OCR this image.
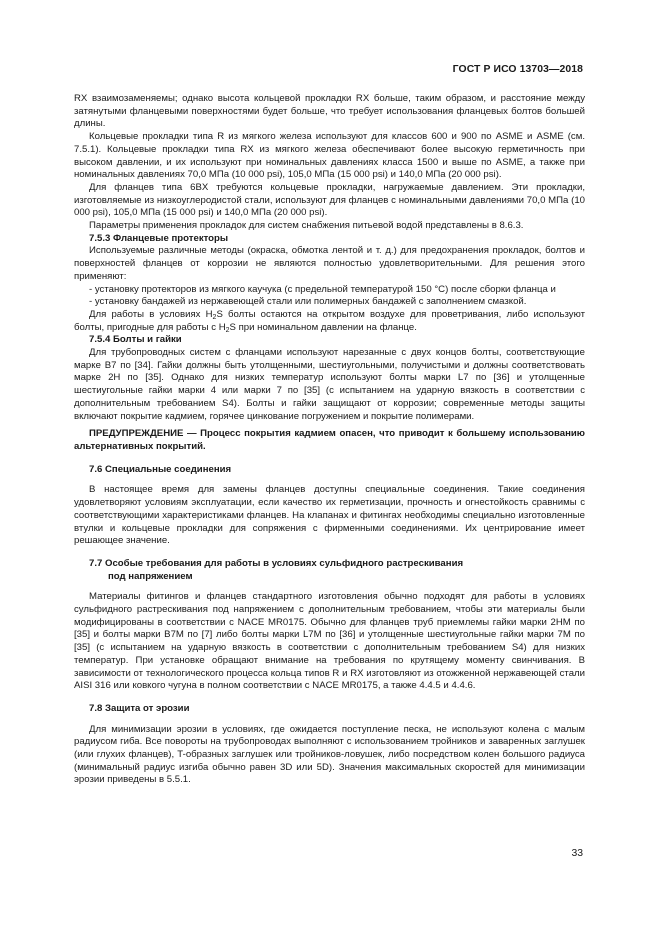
ГОСТ Р ИСО 13703—2018

RX взаимозаменяемы; однако высота кольцевой прокладки RX больше, таким образом, и расстояние между затянутыми фланцевыми поверхностями будет больше, что требует использования фланцевых болтов большей длины.

Кольцевые прокладки типа R из мягкого железа используют для классов 600 и 900 по ASME и ASME (см. 7.5.1). Кольцевые прокладки типа RX из мягкого железа обеспечивают более высокую герметичность при высоком давлении, и их используют при номинальных давлениях класса 1500 и выше по ASME, а также при номинальных давлениях 70,0 МПа (10 000 psi), 105,0 МПа (15 000 psi) и 140,0 МПа (20 000 psi).

Для фланцев типа 6BX требуются кольцевые прокладки, нагружаемые давлением. Эти прокладки, изготовляемые из низкоуглеродистой стали, используют для фланцев с номинальными давлениями 70,0 МПа (10 000 psi), 105,0 МПа (15 000 psi) и 140,0 МПа (20 000 psi).

Параметры применения прокладок для систем снабжения питьевой водой представлены в 8.6.3.

7.5.3 Фланцевые протекторы

Используемые различные методы (окраска, обмотка лентой и т. д.) для предохранения прокладок, болтов и поверхностей фланцев от коррозии не являются полностью удовлетворительными. Для решения этого применяют:

- установку протекторов из мягкого каучука (с предельной температурой 150 °С) после сборки фланца и

- установку бандажей из нержавеющей стали или полимерных бандажей с заполнением смазкой.

Для работы в условиях $H_2S$ болты остаются на открытом воздухе для проветривания, либо используют болты, пригодные для работы с $H_2S$ при номинальном давлении на фланце.

7.5.4 Болты и гайки

Для трубопроводных систем с фланцами используют нарезанные с двух концов болты, соответствующие марке B7 по [34]. Гайки должны быть утолщенными, шестиугольными, получистыми и должны соответствовать марке 2H по [35]. Однако для низких температур используют болты марки L7 по [36] и утолщенные шестиугольные гайки марки 4 или марки 7 по [35] (с испытанием на ударную вязкость в соответствии с дополнительным требованием S4). Болты и гайки защищают от коррозии; современные методы защиты включают покрытие кадмием, горячее цинкование погружением и покрытие полимерами.

ПРЕДУПРЕЖДЕНИЕ — Процесс покрытия кадмием опасен, что приводит к большему использованию альтернативных покрытий.

7.6 Специальные соединения

В настоящее время для замены фланцев доступны специальные соединения. Такие соединения удовлетворяют условиям эксплуатации, если качество их герметизации, прочность и огнестойкость сравнимы с соответствующими характеристиками фланцев. На клапанах и фитингах необходимы специально изготовленные втулки и кольцевые прокладки для сопряжения с фирменными соединениями. Их центрирование имеет решающее значение.

7.7 Особые требования для работы в условиях сульфидного растрескивания
под напряжением

Материалы фитингов и фланцев стандартного изготовления обычно подходят для работы в условиях сульфидного растрескивания под напряжением с дополнительным требованием, чтобы эти материалы были модифицированы в соответствии с NACE MR0175. Обычно для фланцев труб приемлемы гайки марки 2HM по [35] и болты марки B7M по [7] либо болты марки L7M по [36] и утолщенные шестиугольные гайки марки 7M по [35] (с испытанием на ударную вязкость в соответствии с дополнительным требованием S4) для низких температур. При установке обращают внимание на требования по крутящему моменту свинчивания. В зависимости от технологического процесса кольца типов R и RX изготовляют из отожженной нержавеющей стали AISI 316 или ковкого чугуна в полном соответствии с NACE MR0175, а также 4.4.5 и 4.4.6.

7.8 Защита от эрозии

Для минимизации эрозии в условиях, где ожидается поступление песка, не используют колена с малым радиусом гиба. Все повороты на трубопроводах выполняют с использованием тройников и заваренных заглушек (или глухих фланцев), T-образных заглушек или тройников-ловушек, либо посредством колен большого радиуса (минимальный радиус изгиба обычно равен 3D или 5D). Значения максимальных скоростей для минимизации эрозии приведены в 5.5.1.

33
